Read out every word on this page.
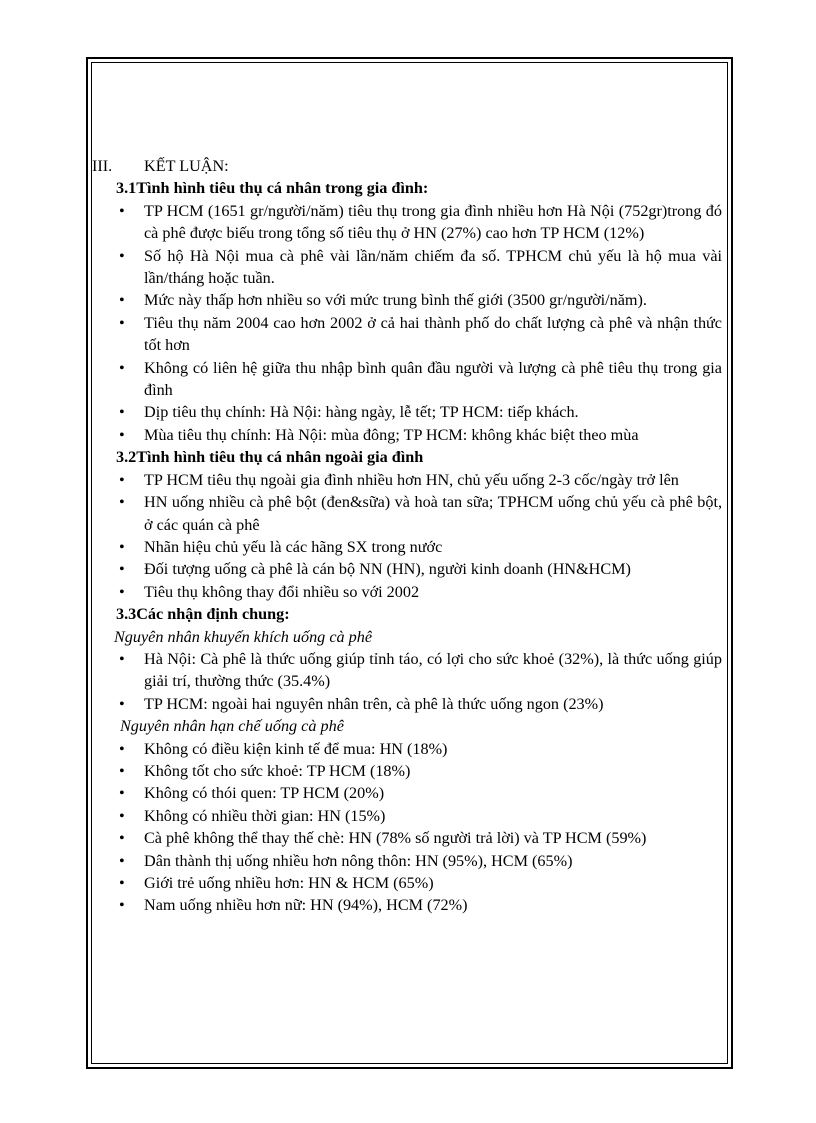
III.	KẾT LUẬN:

3.1Tình hình tiêu thụ cá nhân trong gia đình:

• TP HCM (1651 gr/người/năm) tiêu thụ trong gia đình nhiều hơn Hà Nội (752gr)trong đó cà phê được biếu trong tổng số tiêu thụ ở HN (27%) cao hơn TP HCM (12%)
• Số hộ Hà Nội mua cà phê vài lần/năm chiếm đa số. TPHCM chủ yếu là hộ mua vài lần/tháng hoặc tuần.
• Mức này thấp hơn nhiều so với mức trung bình thế giới (3500 gr/người/năm).
• Tiêu thụ năm 2004 cao hơn 2002 ở cả hai thành phố do chất lượng cà phê và nhận thức tốt hơn
• Không có liên hệ giữa thu nhập bình quân đầu người và lượng cà phê tiêu thụ trong gia đình
• Dịp tiêu thụ chính: Hà Nội: hàng ngày, lễ tết; TP HCM: tiếp khách.
• Mùa tiêu thụ chính: Hà Nội: mùa đông; TP HCM: không khác biệt theo mùa

3.2Tình hình tiêu thụ cá nhân ngoài gia đình

• TP HCM tiêu thụ ngoài gia đình nhiều hơn HN, chủ yếu uống 2-3 cốc/ngày trở lên
• HN uống nhiều cà phê bột (đen&sữa) và hoà tan sữa; TPHCM uống chủ yếu cà phê bột, ở các quán cà phê
• Nhãn hiệu chủ yếu là các hãng SX trong nước
• Đối tượng uống cà phê là cán bộ NN (HN), người kinh doanh (HN&HCM)
• Tiêu thụ không thay đổi nhiều so với 2002

3.3Các nhận định chung:

Nguyên nhân khuyến khích uống cà phê

• Hà Nội: Cà phê là thức uống giúp tỉnh táo, có lợi cho sức khoẻ (32%), là thức uống giúp giải trí, thường thức (35.4%)
• TP HCM: ngoài hai nguyên nhân trên, cà phê là thức uống ngon (23%)

Nguyên nhân hạn chế uống cà phê

• Không có điều kiện kinh tế để mua: HN (18%)
• Không tốt cho sức khoẻ: TP HCM (18%)
• Không có thói quen: TP HCM (20%)
• Không có nhiều thời gian: HN (15%)
• Cà phê không thể thay thế chè: HN (78% số người trả lời) và TP HCM (59%)
• Dân thành thị uống nhiều hơn nông thôn: HN (95%), HCM (65%)
• Giới trẻ uống nhiều hơn: HN & HCM (65%)
• Nam uống nhiều hơn nữ: HN (94%), HCM (72%)
